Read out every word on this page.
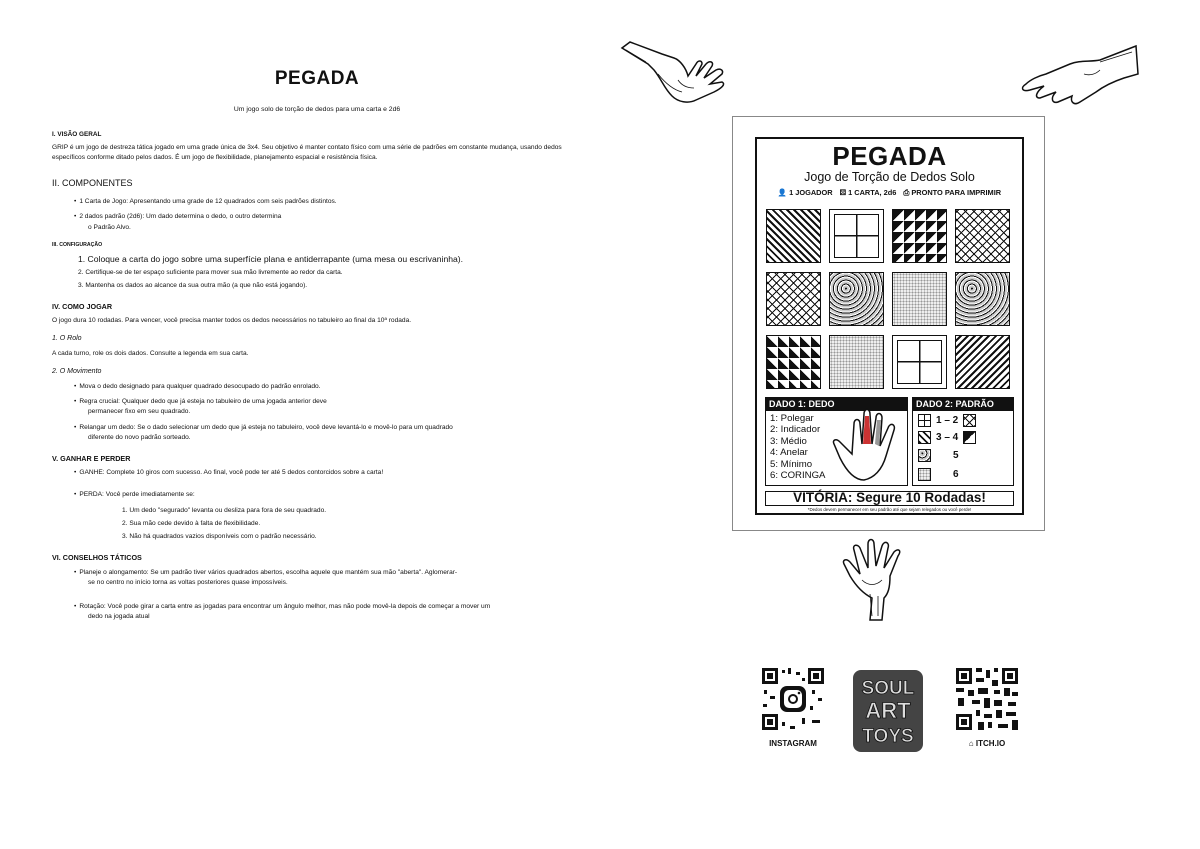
PEGADA
Um jogo solo de torção de dedos para uma carta e 2d6
I. VISÃO GERAL

GRIP é um jogo de destreza tática jogado em uma grade única de 3x4. Seu objetivo é manter contato físico com uma série de padrões em constante mudança, usando dedos específicos conforme ditado pelos dados. É um jogo de flexibilidade, planejamento espacial e resistência física.

II. COMPONENTES
• 1 Carta de Jogo: Apresentando uma grade de 12 quadrados com seis padrões distintos.
• 2 dados padrão (2d6): Um dado determina o dedo, o outro determina
o Padrão Alvo.
III. CONFIGURAÇÃO
1. Coloque a carta do jogo sobre uma superfície plana e antiderrapante (uma mesa ou escrivaninha).
2. Certifique-se de ter espaço suficiente para mover sua mão livremente ao redor da carta.
3. Mantenha os dados ao alcance da sua outra mão (a que não está jogando).
IV. COMO JOGAR

O jogo dura 10 rodadas. Para vencer, você precisa manter todos os dedos necessários no tabuleiro ao final da 10ª rodada.

1. O Rolo

A cada turno, role os dois dados. Consulte a legenda em sua carta.

2. O Movimento
• Mova o dedo designado para qualquer quadrado desocupado do padrão enrolado.
• Regra crucial: Qualquer dedo que já esteja no tabuleiro de uma jogada anterior deve
permanecer fixo em seu quadrado.
• Relangar um dedo: Se o dado selecionar um dedo que já esteja no tabuleiro, você deve levantá-lo e movê-lo para um quadrado
diferente do novo padrão sorteado.
V. GANHAR E PERDER
• GANHE: Complete 10 giros com sucesso. Ao final, você pode ter até 5 dedos contorcidos sobre a carta!
• PERDA: Você perde imediatamente se:
1. Um dedo "segurado" levanta ou desliza para fora de seu quadrado.
2. Sua mão cede devido à falta de flexibilidade.
3. Não há quadrados vazios disponíveis com o padrão necessário.
VI. CONSELHOS TÁTICOS
• Planeje o alongamento: Se um padrão tiver vários quadrados abertos, escolha aquele que mantém sua mão "aberta". Aglomerar-
se no centro no início torna as voltas posteriores quase impossíveis.
• Rotação: Você pode girar a carta entre as jogadas para encontrar um ângulo melhor, mas não pode movê-la depois de começar a mover um
dedo na jogada atual
PEGADA
Jogo de Torção de Dedos Solo
👤 1 JOGADOR ⚄ 1 CARTA, 2d6 ⎙ PRONTO PARA IMPRIMIR
DADO 1: DEDO
1: Polegar
2: Indicador
3: Médio
4: Anelar
5: Mínimo
6: CORINGA
DADO 2: PADRÃO
1 – 2
3 – 4
5
6
VITÓRIA: Segure 10 Rodadas!
*Dedos devem permanecer em seu padrão até que sejam relegados ou você perde!
INSTAGRAM
SOUL
ART
TOYS	⌂ ITCH.IO
